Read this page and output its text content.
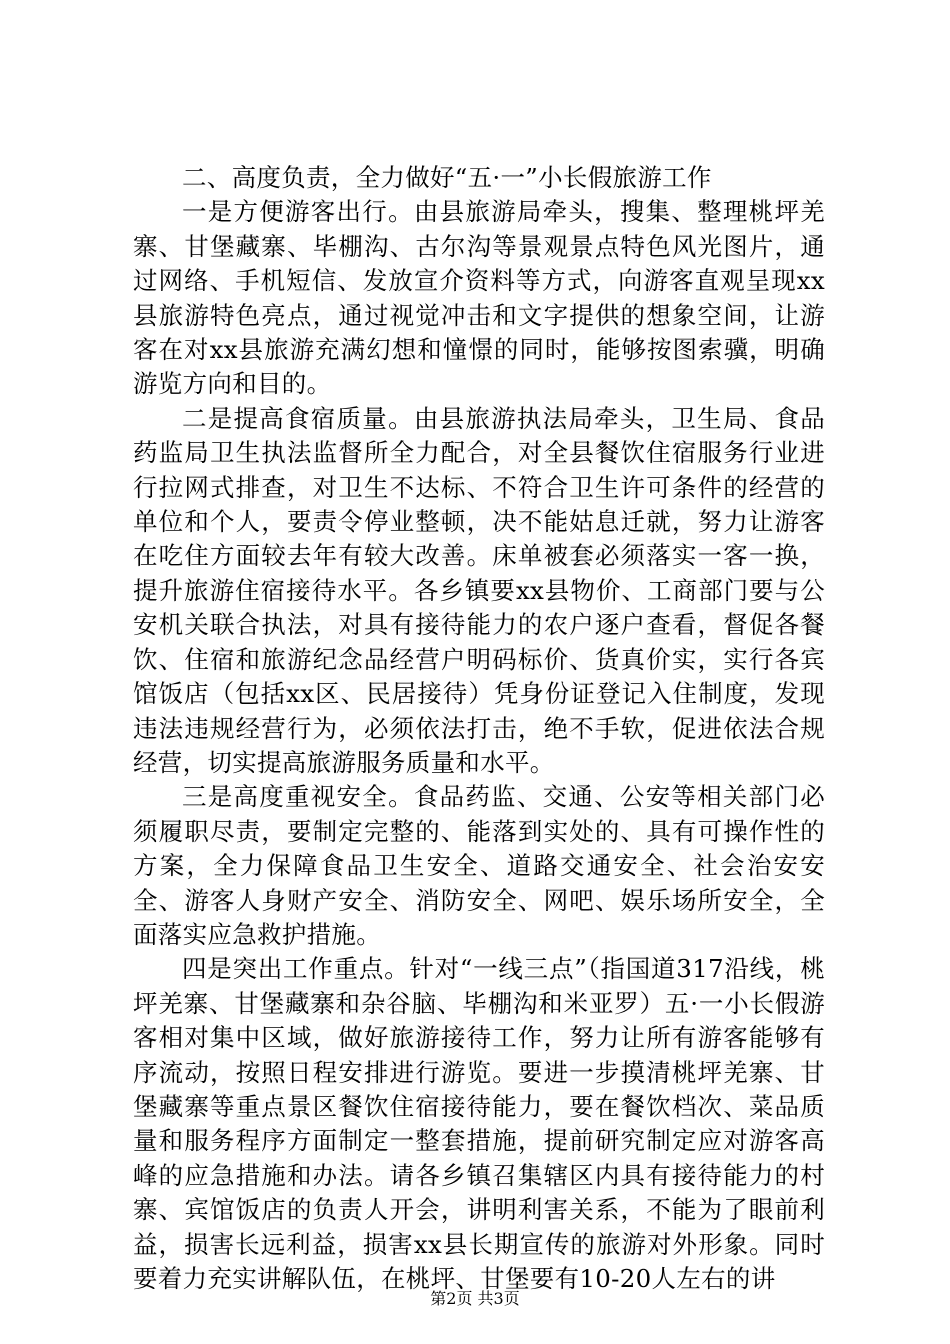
二、高度负责，全力做好“五·一”小长假旅游工作

一是方便游客出行。由县旅游局牵头，搜集、整理桃坪羌寨、甘堡藏寨、毕棚沟、古尔沟等景观景点特色风光图片，通过网络、手机短信、发放宣介资料等方式，向游客直观呈现xx县旅游特色亮点，通过视觉冲击和文字提供的想象空间，让游客在对xx县旅游充满幻想和憧憬的同时，能够按图索骥，明确游览方向和目的。

二是提高食宿质量。由县旅游执法局牵头，卫生局、食品药监局卫生执法监督所全力配合，对全县餐饮住宿服务行业进行拉网式排查，对卫生不达标、不符合卫生许可条件的经营的单位和个人，要责令停业整顿，决不能姑息迁就，努力让游客在吃住方面较去年有较大改善。床单被套必须落实一客一换，提升旅游住宿接待水平。各乡镇要xx县物价、工商部门要与公安机关联合执法，对具有接待能力的农户逐户查看，督促各餐饮、住宿和旅游纪念品经营户明码标价、货真价实，实行各宾馆饭店（包括xx区、民居接待）凭身份证登记入住制度，发现违法违规经营行为，必须依法打击，绝不手软，促进依法合规经营，切实提高旅游服务质量和水平。

三是高度重视安全。食品药监、交通、公安等相关部门必须履职尽责，要制定完整的、能落到实处的、具有可操作性的方案，全力保障食品卫生安全、道路交通安全、社会治安安全、游客人身财产安全、消防安全、网吧、娱乐场所安全，全面落实应急救护措施。

四是突出工作重点。针对“一线三点”（指国道317沿线，桃坪羌寨、甘堡藏寨和杂谷脑、毕棚沟和米亚罗）五·一小长假游客相对集中区域，做好旅游接待工作，努力让所有游客能够有序流动，按照日程安排进行游览。要进一步摸清桃坪羌寨、甘堡藏寨等重点景区餐饮住宿接待能力，要在餐饮档次、菜品质量和服务程序方面制定一整套措施，提前研究制定应对游客高峰的应急措施和办法。请各乡镇召集辖区内具有接待能力的村寨、宾馆饭店的负责人开会，讲明利害关系，不能为了眼前利益，损害长远利益，损害xx县长期宣传的旅游对外形象。同时要着力充实讲解队伍，在桃坪、甘堡要有10-20人左右的讲

第2页 共3页
